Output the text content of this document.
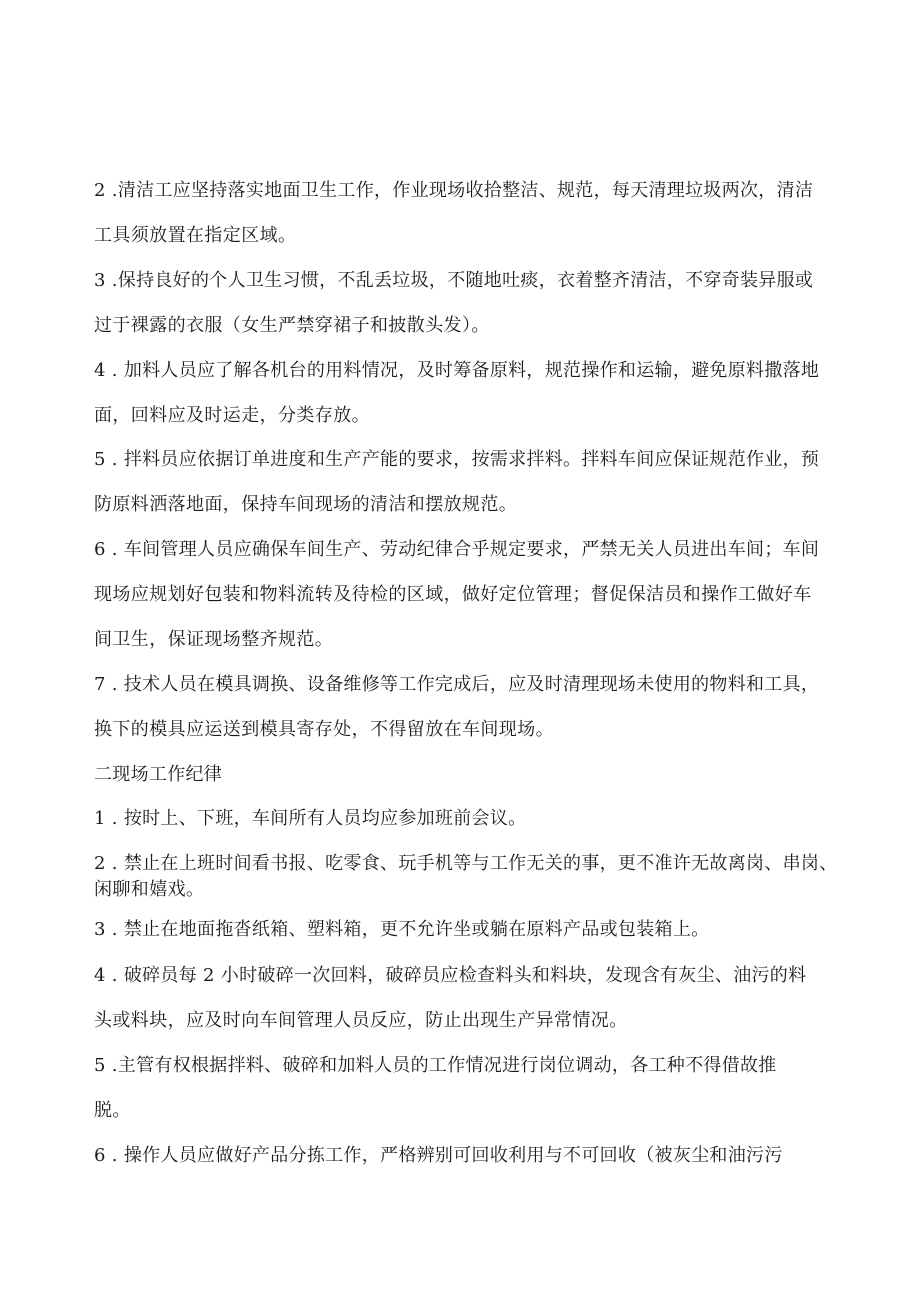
2 .清洁工应坚持落实地面卫生工作，作业现场收拾整洁、规范，每天清理垃圾两次，清洁
工具须放置在指定区域。
3 .保持良好的个人卫生习惯，不乱丢垃圾，不随地吐痰，衣着整齐清洁，不穿奇装异服或
过于裸露的衣服（女生严禁穿裙子和披散头发）。
4 . 加料人员应了解各机台的用料情况，及时筹备原料，规范操作和运输，避免原料撒落地
面，回料应及时运走，分类存放。
5 . 拌料员应依据订单进度和生产产能的要求，按需求拌料。拌料车间应保证规范作业，预
防原料洒落地面，保持车间现场的清洁和摆放规范。
6 . 车间管理人员应确保车间生产、劳动纪律合乎规定要求，严禁无关人员进出车间；车间
现场应规划好包装和物料流转及待检的区域，做好定位管理；督促保洁员和操作工做好车
间卫生，保证现场整齐规范。
7 . 技术人员在模具调换、设备维修等工作完成后，应及时清理现场未使用的物料和工具，
换下的模具应运送到模具寄存处，不得留放在车间现场。
二现场工作纪律
1 . 按时上、下班，车间所有人员均应参加班前会议。
2 . 禁止在上班时间看书报、吃零食、玩手机等与工作无关的事，更不准许无故离岗、串岗、
闲聊和嬉戏。
3 . 禁止在地面拖沓纸箱、塑料箱，更不允许坐或躺在原料产品或包装箱上。
4 . 破碎员每 2 小时破碎一次回料，破碎员应检查料头和料块，发现含有灰尘、油污的料
头或料块，应及时向车间管理人员反应，防止出现生产异常情况。
5 .主管有权根据拌料、破碎和加料人员的工作情况进行岗位调动，各工种不得借故推
脱。
6 . 操作人员应做好产品分拣工作，严格辨别可回收利用与不可回收（被灰尘和油污污
